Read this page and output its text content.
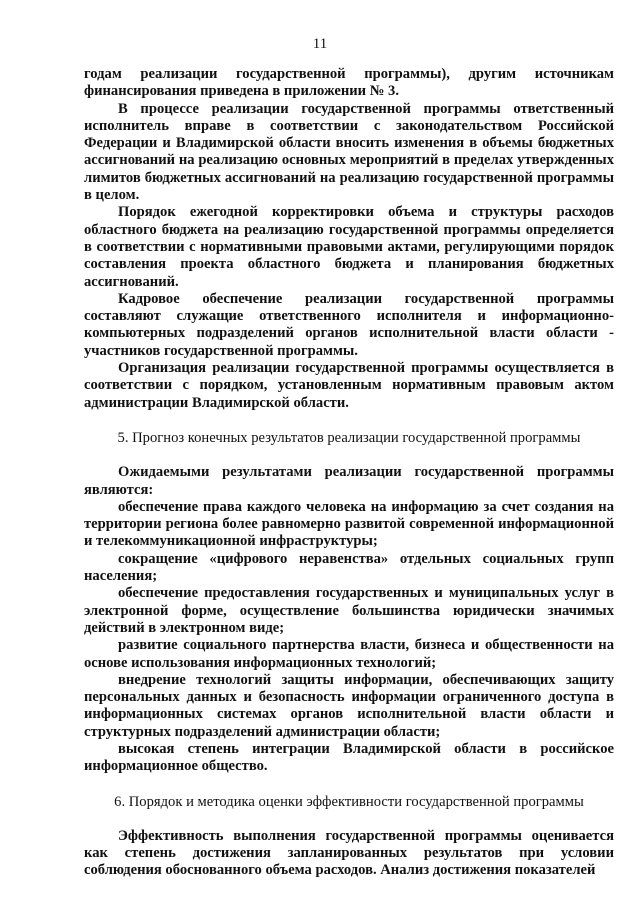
11

годам реализации государственной программы), другим источникам финансирования приведена в приложении № 3.

В процессе реализации государственной программы ответственный исполнитель вправе в соответствии с законодательством Российской Федерации и Владимирской области вносить изменения в объемы бюджетных ассигнований на реализацию основных мероприятий в пределах утвержденных лимитов бюджетных ассигнований на реализацию государственной программы в целом.

Порядок ежегодной корректировки объема и структуры расходов областного бюджета на реализацию государственной программы определяется в соответствии с нормативными правовыми актами, регулирующими порядок составления проекта областного бюджета и планирования бюджетных ассигнований.

Кадровое обеспечение реализации государственной программы составляют служащие ответственного исполнителя и информационно-компьютерных подразделений органов исполнительной власти области - участников государственной программы.

Организация реализации государственной программы осуществляется в соответствии с порядком, установленным нормативным правовым актом администрации Владимирской области.

5. Прогноз конечных результатов реализации государственной программы

Ожидаемыми результатами реализации государственной программы являются:

обеспечение права каждого человека на информацию за счет создания на территории региона более равномерно развитой современной информационной и телекоммуникационной инфраструктуры;

сокращение «цифрового неравенства» отдельных социальных групп населения;

обеспечение предоставления государственных и муниципальных услуг в электронной форме, осуществление большинства юридически значимых действий в электронном виде;

развитие социального партнерства власти, бизнеса и общественности на основе использования информационных технологий;

внедрение технологий защиты информации, обеспечивающих защиту персональных данных и безопасность информации ограниченного доступа в информационных системах органов исполнительной власти области и структурных подразделений администрации области;

высокая степень интеграции Владимирской области в российское информационное общество.

6. Порядок и методика оценки эффективности государственной программы

Эффективность выполнения государственной программы оценивается как степень достижения запланированных результатов при условии соблюдения обоснованного объема расходов. Анализ достижения показателей
